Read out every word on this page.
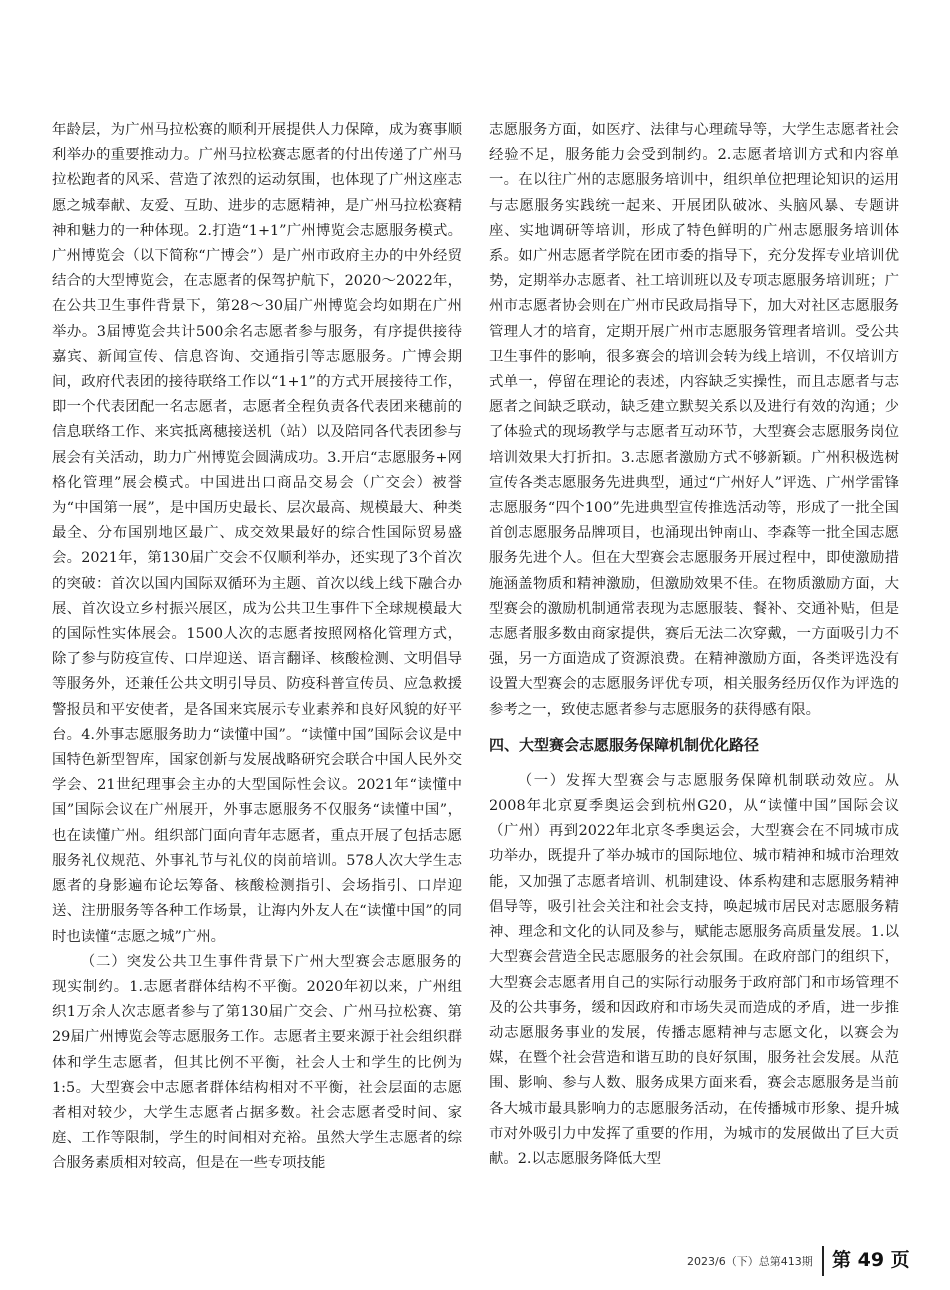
年龄层，为广州马拉松赛的顺利开展提供人力保障，成为赛事顺利举办的重要推动力。广州马拉松赛志愿者的付出传递了广州马拉松跑者的风采、营造了浓烈的运动氛围，也体现了广州这座志愿之城奉献、友爱、互助、进步的志愿精神，是广州马拉松赛精神和魅力的一种体现。2.打造“1+1”广州博览会志愿服务模式。广州博览会（以下简称“广博会”）是广州市政府主办的中外经贸结合的大型博览会，在志愿者的保驾护航下，2020～2022年，在公共卫生事件背景下，第28～30届广州博览会均如期在广州举办。3届博览会共计500余名志愿者参与服务，有序提供接待嘉宾、新闻宣传、信息咨询、交通指引等志愿服务。广博会期间，政府代表团的接待联络工作以“1+1”的方式开展接待工作，即一个代表团配一名志愿者，志愿者全程负责各代表团来穗前的信息联络工作、来宾抵离穗接送机（站）以及陪同各代表团参与展会有关活动，助力广州博览会圆满成功。3.开启“志愿服务+网格化管理”展会模式。中国进出口商品交易会（广交会）被誉为“中国第一展”，是中国历史最长、层次最高、规模最大、种类最全、分布国别地区最广、成交效果最好的综合性国际贸易盛会。2021年，第130届广交会不仅顺利举办，还实现了3个首次的突破：首次以国内国际双循环为主题、首次以线上线下融合办展、首次设立乡村振兴展区，成为公共卫生事件下全球规模最大的国际性实体展会。1500人次的志愿者按照网格化管理方式，除了参与防疫宣传、口岸迎送、语言翻译、核酸检测、文明倡导等服务外，还兼任公共文明引导员、防疫科普宣传员、应急救援警报员和平安使者，是各国来宾展示专业素养和良好风貌的好平台。4.外事志愿服务助力“读懂中国”。“读懂中国”国际会议是中国特色新型智库，国家创新与发展战略研究会联合中国人民外交学会、21世纪理事会主办的大型国际性会议。2021年“读懂中国”国际会议在广州展开，外事志愿服务不仅服务“读懂中国”，也在读懂广州。组织部门面向青年志愿者，重点开展了包括志愿服务礼仪规范、外事礼节与礼仪的岗前培训。578人次大学生志愿者的身影遍布论坛筹备、核酸检测指引、会场指引、口岸迎送、注册服务等各种工作场景，让海内外友人在“读懂中国”的同时也读懂“志愿之城”广州。

（二）突发公共卫生事件背景下广州大型赛会志愿服务的现实制约。1.志愿者群体结构不平衡。2020年初以来，广州组织1万余人次志愿者参与了第130届广交会、广州马拉松赛、第29届广州博览会等志愿服务工作。志愿者主要来源于社会组织群体和学生志愿者，但其比例不平衡，社会人士和学生的比例为1:5。大型赛会中志愿者群体结构相对不平衡，社会层面的志愿者相对较少，大学生志愿者占据多数。社会志愿者受时间、家庭、工作等限制，学生的时间相对充裕。虽然大学生志愿者的综合服务素质相对较高，但是在一些专项技能

志愿服务方面，如医疗、法律与心理疏导等，大学生志愿者社会经验不足，服务能力会受到制约。2.志愿者培训方式和内容单一。在以往广州的志愿服务培训中，组织单位把理论知识的运用与志愿服务实践统一起来、开展团队破冰、头脑风暴、专题讲座、实地调研等培训，形成了特色鲜明的广州志愿服务培训体系。如广州志愿者学院在团市委的指导下，充分发挥专业培训优势，定期举办志愿者、社工培训班以及专项志愿服务培训班；广州市志愿者协会则在广州市民政局指导下，加大对社区志愿服务管理人才的培育，定期开展广州市志愿服务管理者培训。受公共卫生事件的影响，很多赛会的培训会转为线上培训，不仅培训方式单一，停留在理论的表述，内容缺乏实操性，而且志愿者与志愿者之间缺乏联动，缺乏建立默契关系以及进行有效的沟通；少了体验式的现场教学与志愿者互动环节，大型赛会志愿服务岗位培训效果大打折扣。3.志愿者激励方式不够新颖。广州积极选树宣传各类志愿服务先进典型，通过“广州好人”评选、广州学雷锋志愿服务“四个100”先进典型宣传推选活动等，形成了一批全国首创志愿服务品牌项目，也涌现出钟南山、李森等一批全国志愿服务先进个人。但在大型赛会志愿服务开展过程中，即使激励措施涵盖物质和精神激励，但激励效果不佳。在物质激励方面，大型赛会的激励机制通常表现为志愿服装、餐补、交通补贴，但是志愿者服多数由商家提供，赛后无法二次穿戴，一方面吸引力不强，另一方面造成了资源浪费。在精神激励方面，各类评选没有设置大型赛会的志愿服务评优专项，相关服务经历仅作为评选的参考之一，致使志愿者参与志愿服务的获得感有限。

四、大型赛会志愿服务保障机制优化路径

（一）发挥大型赛会与志愿服务保障机制联动效应。从2008年北京夏季奥运会到杭州G20，从“读懂中国”国际会议（广州）再到2022年北京冬季奥运会，大型赛会在不同城市成功举办，既提升了举办城市的国际地位、城市精神和城市治理效能，又加强了志愿者培训、机制建设、体系构建和志愿服务精神倡导等，吸引社会关注和社会支持，唤起城市居民对志愿服务精神、理念和文化的认同及参与，赋能志愿服务高质量发展。1.以大型赛会营造全民志愿服务的社会氛围。在政府部门的组织下，大型赛会志愿者用自己的实际行动服务于政府部门和市场管理不及的公共事务，缓和因政府和市场失灵而造成的矛盾，进一步推动志愿服务事业的发展，传播志愿精神与志愿文化，以赛会为媒，在暨个社会营造和谐互助的良好氛围，服务社会发展。从范围、影响、参与人数、服务成果方面来看，赛会志愿服务是当前各大城市最具影响力的志愿服务活动，在传播城市形象、提升城市对外吸引力中发挥了重要的作用，为城市的发展做出了巨大贡献。2.以志愿服务降低大型

2023/6（下）总第413期 第 49 页
